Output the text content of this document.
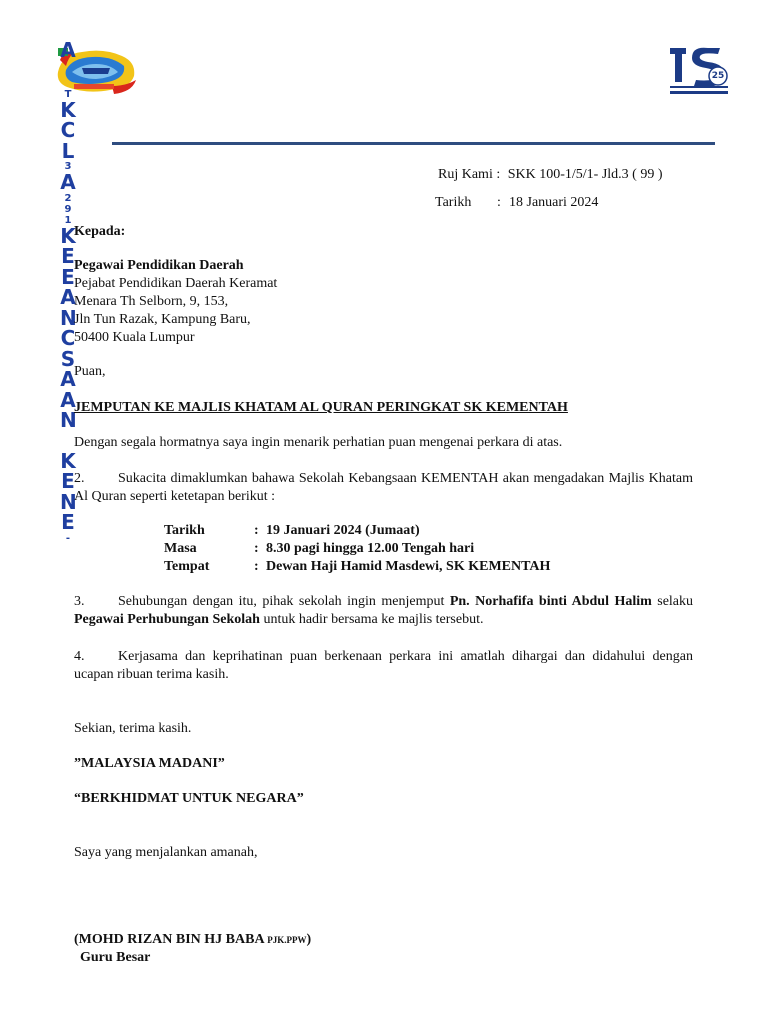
25
A
T
K
C
L
3
A
2
9
1
K
E
E
A
N
C
S
A
A
N
K
E
N
E
-
Ruj Kami : SKK 100-1/5/1- Jld.3 ( 99 )
Tarikh : 18 Januari 2024
Kepada:
Pegawai Pendidikan Daerah
Pejabat Pendidikan Daerah Keramat
Menara Th Selborn, 9, 153,
Jln Tun Razak, Kampung Baru,
50400 Kuala Lumpur
Puan,
JEMPUTAN KE MAJLIS KHATAM AL QURAN PERINGKAT SK KEMENTAH
Dengan segala hormatnya saya ingin menarik perhatian puan mengenai perkara di atas.
2. Sukacita dimaklumkan bahawa Sekolah Kebangsaan KEMENTAH akan mengadakan Majlis Khatam Al Quran seperti ketetapan berikut :
Tarikh	: 19 Januari 2024 (Jumaat)
Masa	: 8.30 pagi hingga 12.00 Tengah hari
Tempat	: Dewan Haji Hamid Masdewi, SK KEMENTAH
3. Sehubungan dengan itu, pihak sekolah ingin menjemput Pn. Norhafifa binti Abdul Halim selaku Pegawai Perhubungan Sekolah untuk hadir bersama ke majlis tersebut.
4. Kerjasama dan keprihatinan puan berkenaan perkara ini amatlah dihargai dan didahului dengan ucapan ribuan terima kasih.
Sekian, terima kasih.
”MALAYSIA MADANI”
“BERKHIDMAT UNTUK NEGARA”
Saya yang menjalankan amanah,
(MOHD RIZAN BIN HJ BABA PJK.PPW)
Guru Besar
